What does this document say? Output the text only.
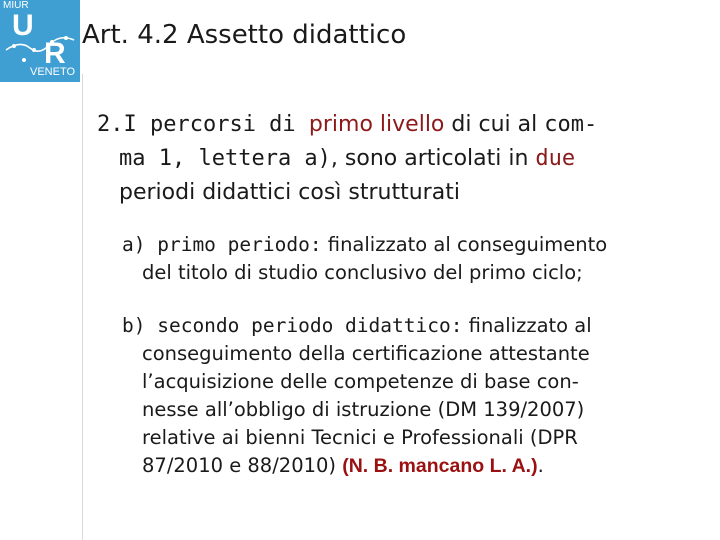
MIUR
U
R
VENETO
Art. 4.2 Assetto didattico
2.I percorsi di primo livello di cui al com-
ma 1, lettera a), sono articolati in due
periodi didattici così strutturati
a) primo periodo: finalizzato al conseguimento
del titolo di studio conclusivo del primo ciclo;
b) secondo periodo didattico: finalizzato al
conseguimento della certificazione attestante
l’acquisizione delle competenze di base con-
nesse all’obbligo di istruzione (DM 139/2007)
relative ai bienni Tecnici e Professionali (DPR
87/2010 e 88/2010) (N. B. mancano L. A.).
